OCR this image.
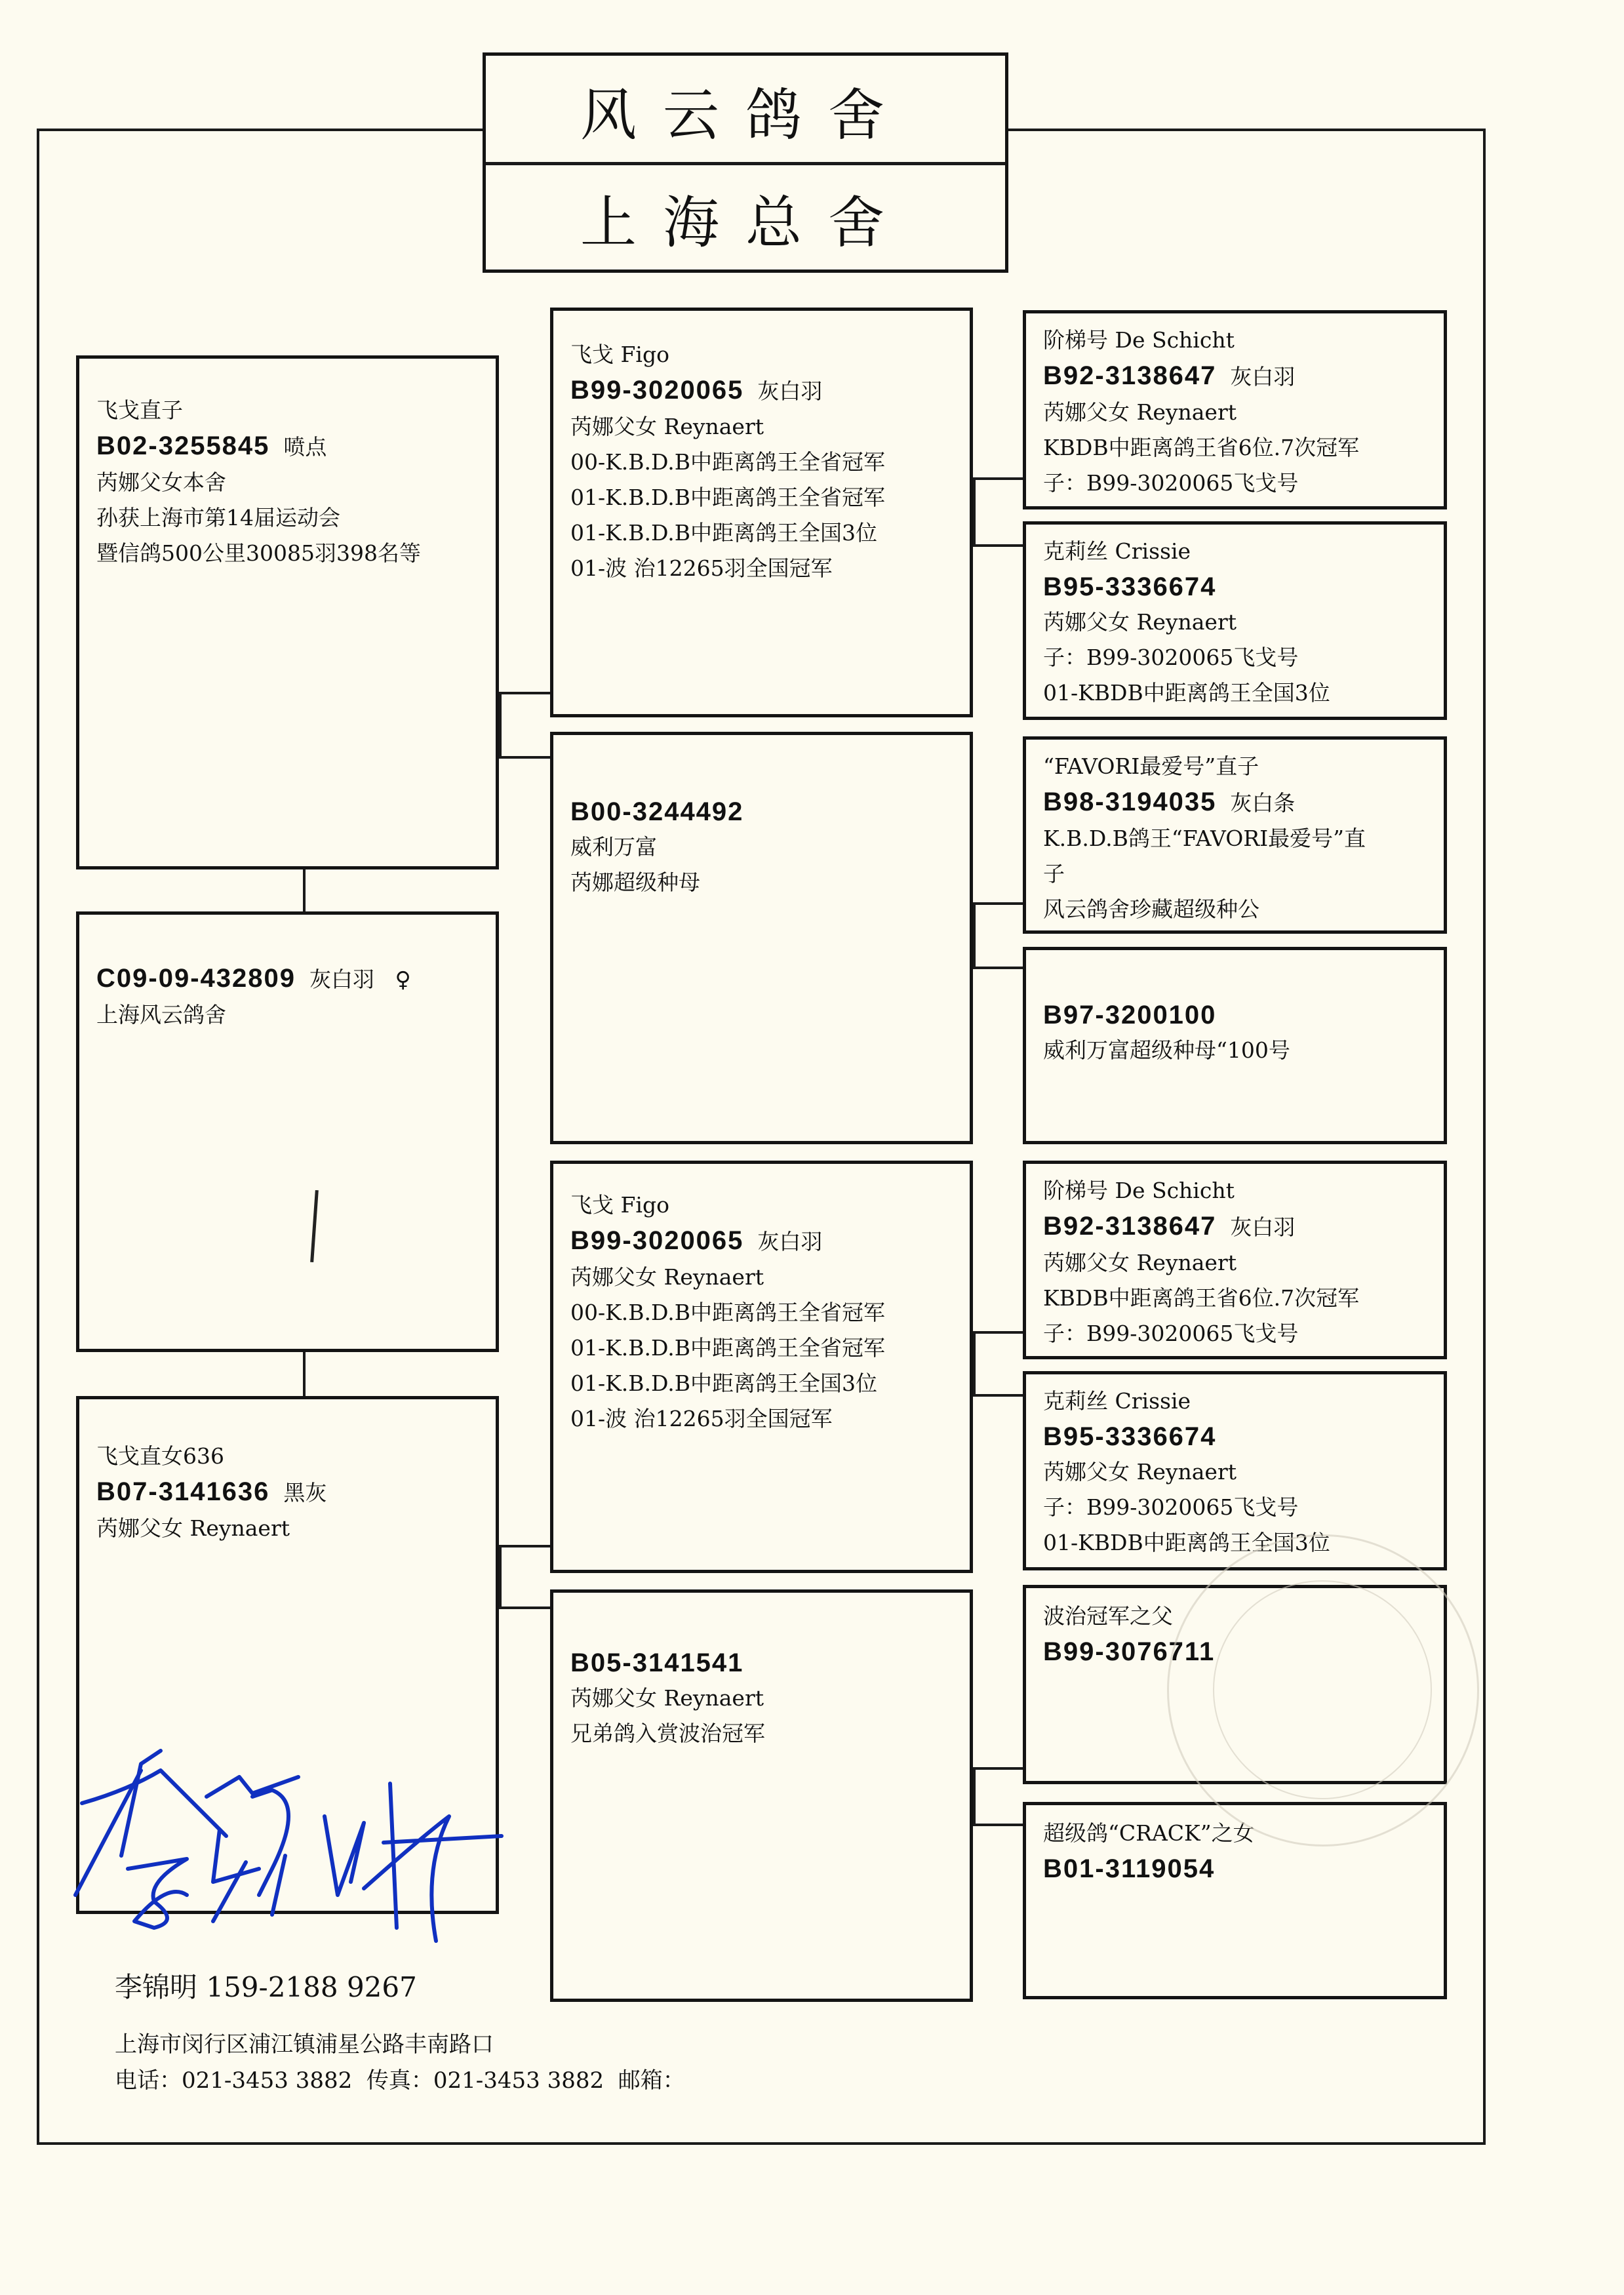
风云鸽舍
上海总舍
飞戈直子
B02-3255845 喷点
芮娜父女本舍
孙获上海市第14届运动会
暨信鸽500公里30085羽398名等
C09-09-432809 灰白羽 ♀
上海风云鸽舍
飞戈直女636
B07-3141636 黑灰
芮娜父女 Reynaert
飞戈 Figo
B99-3020065 灰白羽
芮娜父女 Reynaert
00-K.B.D.B中距离鸽王全省冠军
01-K.B.D.B中距离鸽王全省冠军
01-K.B.D.B中距离鸽王全国3位
01-波 治12265羽全国冠军
B00-3244492
威利万富
芮娜超级种母
飞戈 Figo
B99-3020065 灰白羽
芮娜父女 Reynaert
00-K.B.D.B中距离鸽王全省冠军
01-K.B.D.B中距离鸽王全省冠军
01-K.B.D.B中距离鸽王全国3位
01-波 治12265羽全国冠军
B05-3141541
芮娜父女 Reynaert
兄弟鸽入赏波治冠军
阶梯号 De Schicht
B92-3138647 灰白羽
芮娜父女 Reynaert
KBDB中距离鸽王省6位.7次冠军
子：B99-3020065飞戈号
克莉丝 Crissie
B95-3336674
芮娜父女 Reynaert
子：B99-3020065飞戈号
01-KBDB中距离鸽王全国3位
“FAVORI最爱号”直子
B98-3194035 灰白条
K.B.D.B鸽王“FAVORI最爱号”直
子
风云鸽舍珍藏超级种公
B97-3200100
威利万富超级种母“100号
阶梯号 De Schicht
B92-3138647 灰白羽
芮娜父女 Reynaert
KBDB中距离鸽王省6位.7次冠军
子：B99-3020065飞戈号
克莉丝 Crissie
B95-3336674
芮娜父女 Reynaert
子：B99-3020065飞戈号
01-KBDB中距离鸽王全国3位
波治冠军之父
B99-3076711
超级鸽“CRACK”之女
B01-3119054
李锦明 159-2188 9267
上海市闵行区浦江镇浦星公路丰南路口
电话：021-3453 3882  传真：021-3453 3882  邮箱：
